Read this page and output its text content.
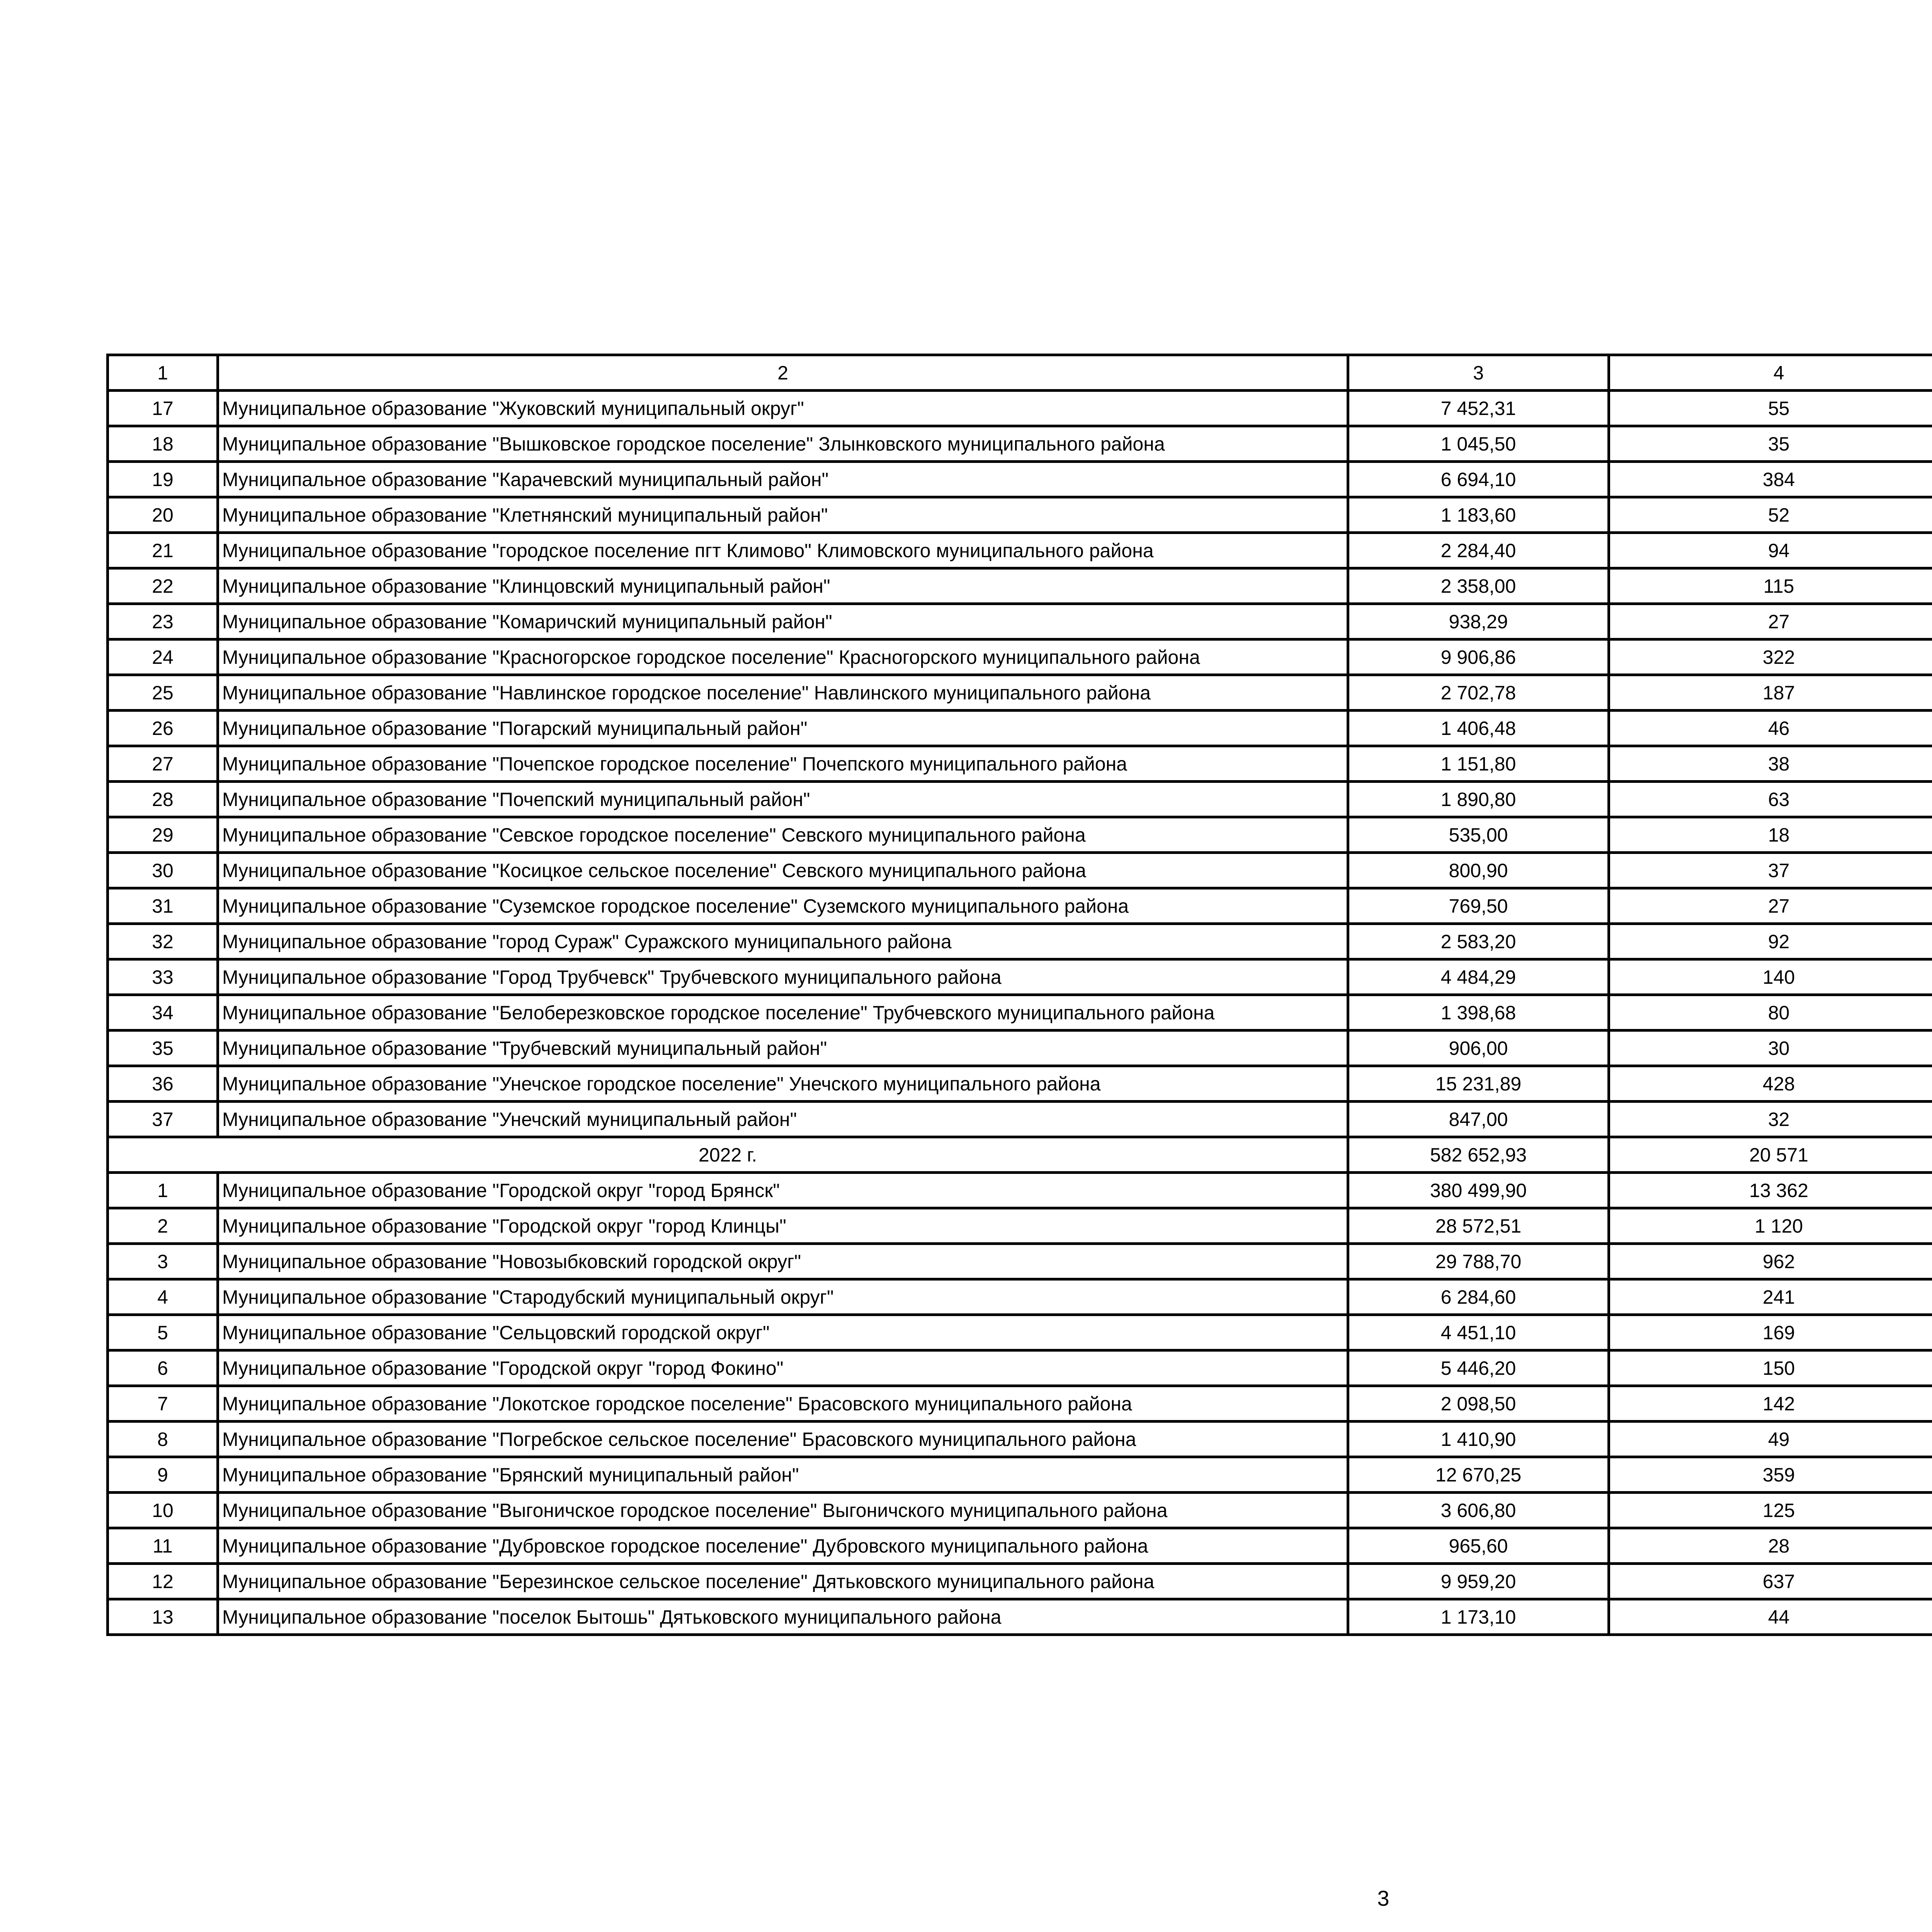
1	2	3	4		
17	Муниципальное образование "Жуковский муниципальный округ"	7 452,31	55		
18	Муниципальное образование "Вышковское городское поселение" Злынковского муниципального района	1 045,50	35		
19	Муниципальное образование "Карачевский муниципальный район"	6 694,10	384		
20	Муниципальное образование "Клетнянский муниципальный район"	1 183,60	52		
21	Муниципальное образование "городское поселение пгт Климово" Климовского муниципального района	2 284,40	94		
22	Муниципальное образование "Клинцовский муниципальный район"	2 358,00	115		
23	Муниципальное образование "Комаричский муниципальный район"	938,29	27		
24	Муниципальное образование "Красногорское городское поселение" Красногорского муниципального района	9 906,86	322		
25	Муниципальное образование "Навлинское городское поселение" Навлинского муниципального района	2 702,78	187		
26	Муниципальное образование "Погарский муниципальный район"	1 406,48	46		
27	Муниципальное образование "Почепское городское поселение" Почепского муниципального района	1 151,80	38		
28	Муниципальное образование "Почепский муниципальный район"	1 890,80	63		
29	Муниципальное образование "Севское городское поселение" Севского муниципального района	535,00	18		
30	Муниципальное образование "Косицкое сельское поселение" Севского муниципального района	800,90	37		
31	Муниципальное образование "Суземское городское поселение" Суземского муниципального района	769,50	27		
32	Муниципальное образование "город Сураж" Суражского муниципального района	2 583,20	92		
33	Муниципальное образование "Город Трубчевск" Трубчевского муниципального района	4 484,29	140		
34	Муниципальное образование "Белоберезковское городское поселение" Трубчевского муниципального района	1 398,68	80		
35	Муниципальное образование "Трубчевский муниципальный район"	906,00	30		
36	Муниципальное образование "Унечское городское поселение" Унечского муниципального района	15 231,89	428		
37	Муниципальное образование "Унечский муниципальный район"	847,00	32		
2022 г.		582 652,93	20 571		
1	Муниципальное образование "Городской округ "город Брянск"	380 499,90	13 362		
2	Муниципальное образование "Городской округ "город Клинцы"	28 572,51	1 120		
3	Муниципальное образование "Новозыбковский городской округ"	29 788,70	962		
4	Муниципальное образование "Стародубский муниципальный округ"	6 284,60	241		
5	Муниципальное образование "Сельцовский городской округ"	4 451,10	169		
6	Муниципальное образование "Городской округ "город Фокино"	5 446,20	150		
7	Муниципальное образование "Локотское городское поселение" Брасовского муниципального района	2 098,50	142		
8	Муниципальное образование "Погребское сельское поселение" Брасовского муниципального района	1 410,90	49		
9	Муниципальное образование "Брянский муниципальный район"	12 670,25	359		
10	Муниципальное образование "Выгоничское городское поселение" Выгоничского муниципального района	3 606,80	125		
11	Муниципальное образование "Дубровское городское поселение" Дубровского муниципального района	965,60	28		
12	Муниципальное образование "Березинское сельское поселение" Дятьковского муниципального района	9 959,20	637		
13	Муниципальное образование "поселок Бытошь" Дятьковского муниципального района	1 173,10	44		
3
